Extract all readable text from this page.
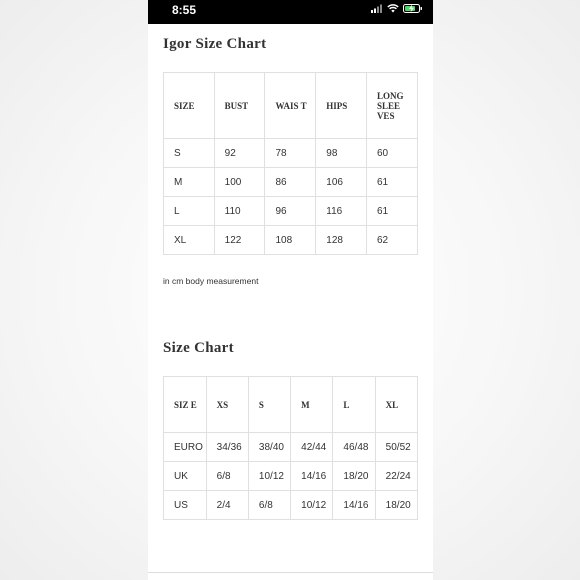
8:55
Igor Size Chart
SIZE	BUST	WAIS T	HIPS	LONG SLEE VES
S	92	78	98	60
M	100	86	106	61
L	110	96	116	61
XL	122	108	128	62
in cm body measurement
Size Chart
SIZ E	XS	S	M	L	XL
EURO	34/36	38/40	42/44	46/48	50/52
UK	6/8	10/12	14/16	18/20	22/24
US	2/4	6/8	10/12	14/16	18/20
